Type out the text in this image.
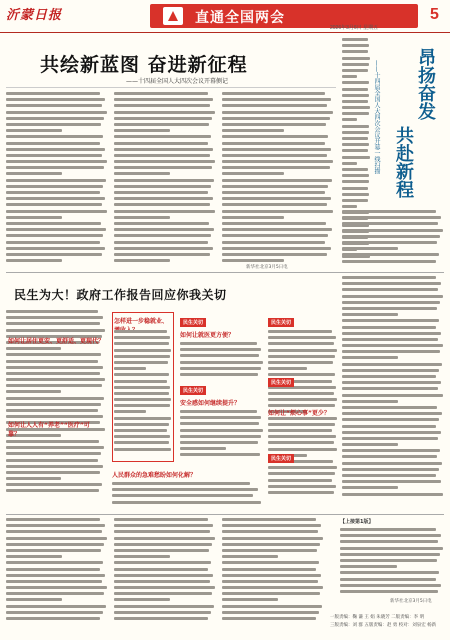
沂蒙日报	直通全国两会
2026年3月6日 星期五
5
共绘新蓝图 奋进新征程
——十四届全国人大四次会议开幕侧记
新华社北京3月5日电
昂扬奋发
共赴新程
——十四届全国人大四次会议开幕一线扫描
民生为大！政府工作报告回应你我关切
如何让居住更安、更舒适、更现代？
如何让人人有“养老”“医疗”可靠？
怎样进一步稳就业、	民生关切
如何让就医更方便？
民生关切
安全感如何继续提升？
人民群众的急难愁盼如何化解？
民生关切
民生关切
如何让“烦心事”更少？
民生关切
【上接第1版】
新华社北京3月5日电
一版责编：鞠 谦 王 娟 朱晓芳 二版责编：李 明
三版责编：刘 群 五版责编：赵 勇 校对：刘泉宏 杨新
